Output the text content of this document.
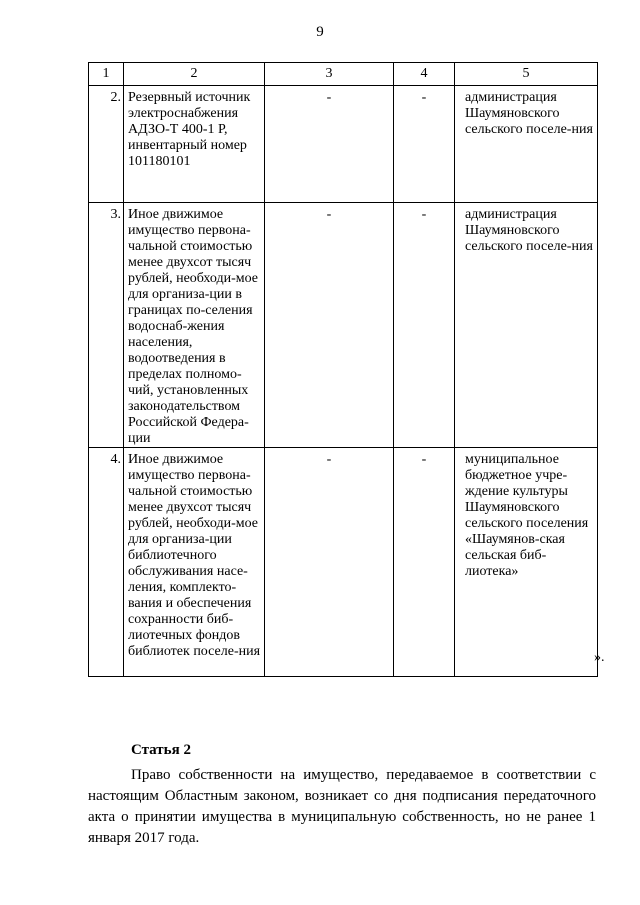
9
1	2	3	4	5
2.	Резервный источник электроснабжения АДЗО-Т 400-1 Р, инвентарный номер 101180101	-	-	администрация Шаумяновского сельского поселе-ния
3.	Иное движимое имущество первона-чальной стоимостью менее двухсот тысяч рублей, необходи-мое для организа-ции в границах по-селения водоснаб-жения населения, водоотведения в пределах полномо-чий, установленных законодательством Российской Федера-ции	-	-	администрация Шаумяновского сельского поселе-ния
4.	Иное движимое имущество первона-чальной стоимостью менее двухсот тысяч рублей, необходи-мое для организа-ции библиотечного обслуживания насе-ления, комплекто-вания и обеспечения сохранности биб-лиотечных фондов библиотек поселе-ния	-	-	муниципальное бюджетное учре-ждение культуры Шаумяновского сельского поселения «Шаумянов-ская сельская биб-лиотека»
».
Статья 2

Право собственности на имущество, передаваемое в соответствии с настоящим Областным законом, возникает со дня подписания передаточного акта о принятии имущества в муниципальную собственность, но не ранее 1 января 2017 года.
